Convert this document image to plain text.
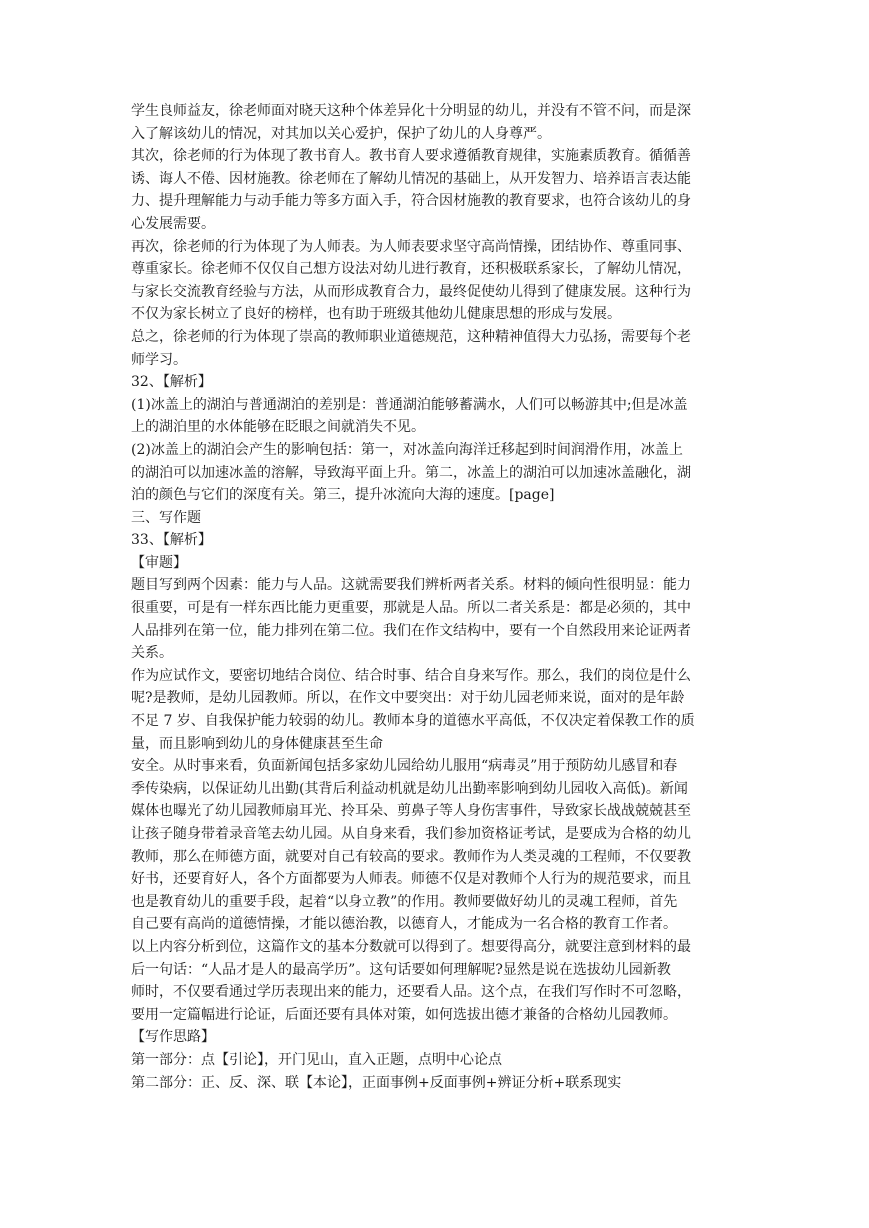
学生良师益友，徐老师面对晓天这种个体差异化十分明显的幼儿，并没有不管不问，而是深
入了解该幼儿的情况，对其加以关心爱护，保护了幼儿的人身尊严。
其次，徐老师的行为体现了教书育人。教书育人要求遵循教育规律，实施素质教育。循循善
诱、诲人不倦、因材施教。徐老师在了解幼儿情况的基础上，从开发智力、培养语言表达能
力、提升理解能力与动手能力等多方面入手，符合因材施教的教育要求，也符合该幼儿的身
心发展需要。
再次，徐老师的行为体现了为人师表。为人师表要求坚守高尚情操，团结协作、尊重同事、
尊重家长。徐老师不仅仅自己想方设法对幼儿进行教育，还积极联系家长，了解幼儿情况，
与家长交流教育经验与方法，从而形成教育合力，最终促使幼儿得到了健康发展。这种行为
不仅为家长树立了良好的榜样，也有助于班级其他幼儿健康思想的形成与发展。
总之，徐老师的行为体现了崇高的教师职业道德规范，这种精神值得大力弘扬，需要每个老
师学习。
32、【解析】
(1)冰盖上的湖泊与普通湖泊的差别是：普通湖泊能够蓄满水，人们可以畅游其中;但是冰盖
上的湖泊里的水体能够在眨眼之间就消失不见。
(2)冰盖上的湖泊会产生的影响包括：第一，对冰盖向海洋迁移起到时间润滑作用，冰盖上
的湖泊可以加速冰盖的溶解，导致海平面上升。第二，冰盖上的湖泊可以加速冰盖融化，湖
泊的颜色与它们的深度有关。第三，提升冰流向大海的速度。[page]
三、写作题
33、【解析】
【审题】
题目写到两个因素：能力与人品。这就需要我们辨析两者关系。材料的倾向性很明显：能力
很重要，可是有一样东西比能力更重要，那就是人品。所以二者关系是：都是必须的，其中
人品排列在第一位，能力排列在第二位。我们在作文结构中，要有一个自然段用来论证两者
关系。
作为应试作文，要密切地结合岗位、结合时事、结合自身来写作。那么，我们的岗位是什么
呢?是教师，是幼儿园教师。所以，在作文中要突出：对于幼儿园老师来说，面对的是年龄
不足 7 岁、自我保护能力较弱的幼儿。教师本身的道德水平高低，不仅决定着保教工作的质
量，而且影响到幼儿的身体健康甚至生命
安全。从时事来看，负面新闻包括多家幼儿园给幼儿服用“病毒灵”用于预防幼儿感冒和春
季传染病，以保证幼儿出勤(其背后利益动机就是幼儿出勤率影响到幼儿园收入高低)。新闻
媒体也曝光了幼儿园教师扇耳光、拎耳朵、剪鼻子等人身伤害事件，导致家长战战兢兢甚至
让孩子随身带着录音笔去幼儿园。从自身来看，我们参加资格证考试，是要成为合格的幼儿
教师，那么在师德方面，就要对自己有较高的要求。教师作为人类灵魂的工程师，不仅要教
好书，还要育好人，各个方面都要为人师表。师德不仅是对教师个人行为的规范要求，而且
也是教育幼儿的重要手段，起着“以身立教”的作用。教师要做好幼儿的灵魂工程师，首先
自己要有高尚的道德情操，才能以德治教，以德育人，才能成为一名合格的教育工作者。
以上内容分析到位，这篇作文的基本分数就可以得到了。想要得高分，就要注意到材料的最
后一句话：“人品才是人的最高学历”。这句话要如何理解呢?显然是说在选拔幼儿园新教
师时，不仅要看通过学历表现出来的能力，还要看人品。这个点，在我们写作时不可忽略，
要用一定篇幅进行论证，后面还要有具体对策，如何选拔出德才兼备的合格幼儿园教师。
【写作思路】
第一部分：点【引论】，开门见山，直入正题，点明中心论点
第二部分：正、反、深、联【本论】，正面事例+反面事例+辨证分析+联系现实
